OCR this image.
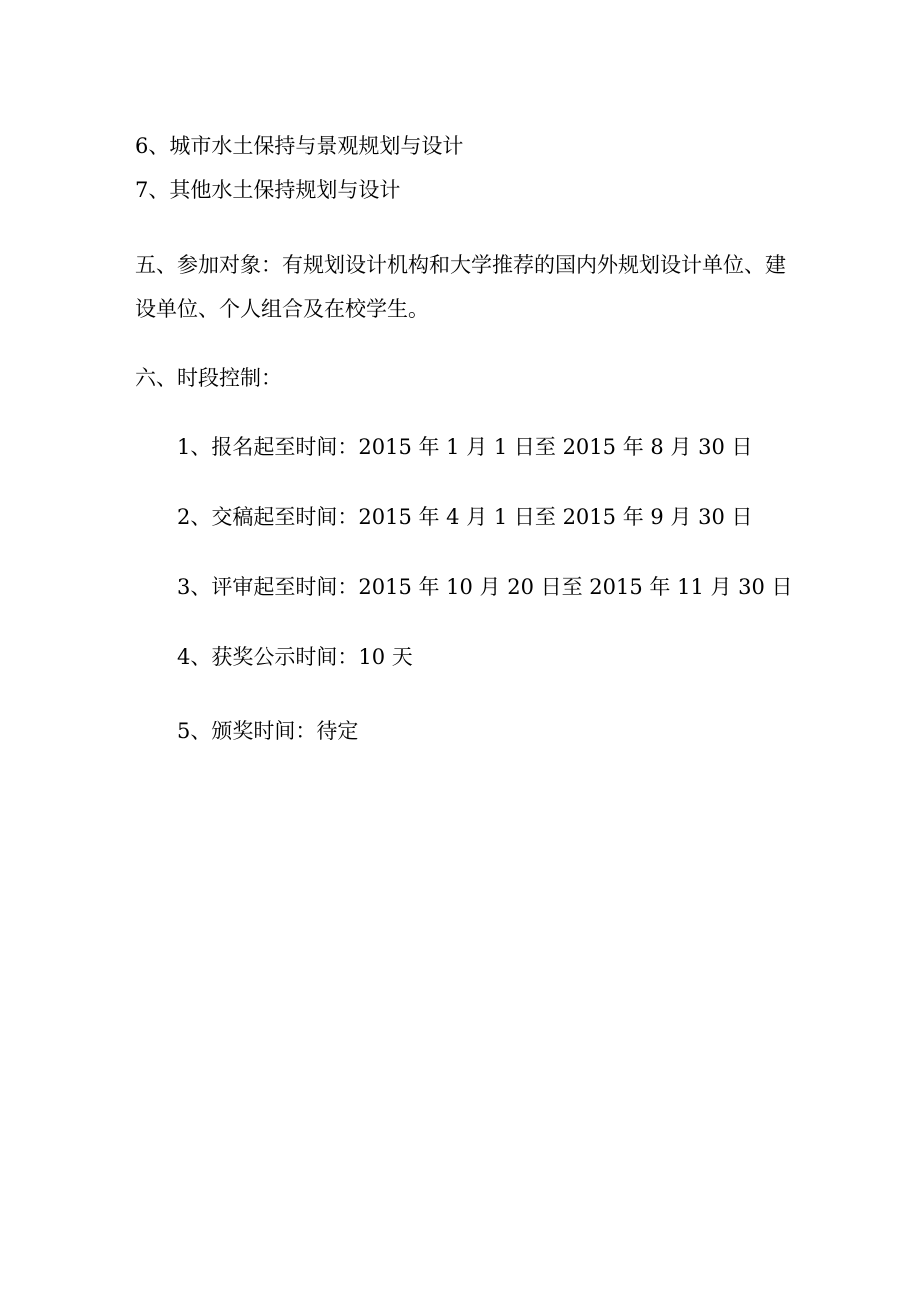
6、城市水土保持与景观规划与设计

7、其他水土保持规划与设计

五、参加对象：有规划设计机构和大学推荐的国内外规划设计单位、建设单位、个人组合及在校学生。

六、时段控制：

1、报名起至时间：2015 年 1 月 1 日至 2015 年 8 月 30 日

2、交稿起至时间：2015 年 4 月 1 日至 2015 年 9 月 30 日

3、评审起至时间：2015 年 10 月 20 日至 2015 年 11 月 30 日

4、获奖公示时间：10 天

5、颁奖时间：待定
